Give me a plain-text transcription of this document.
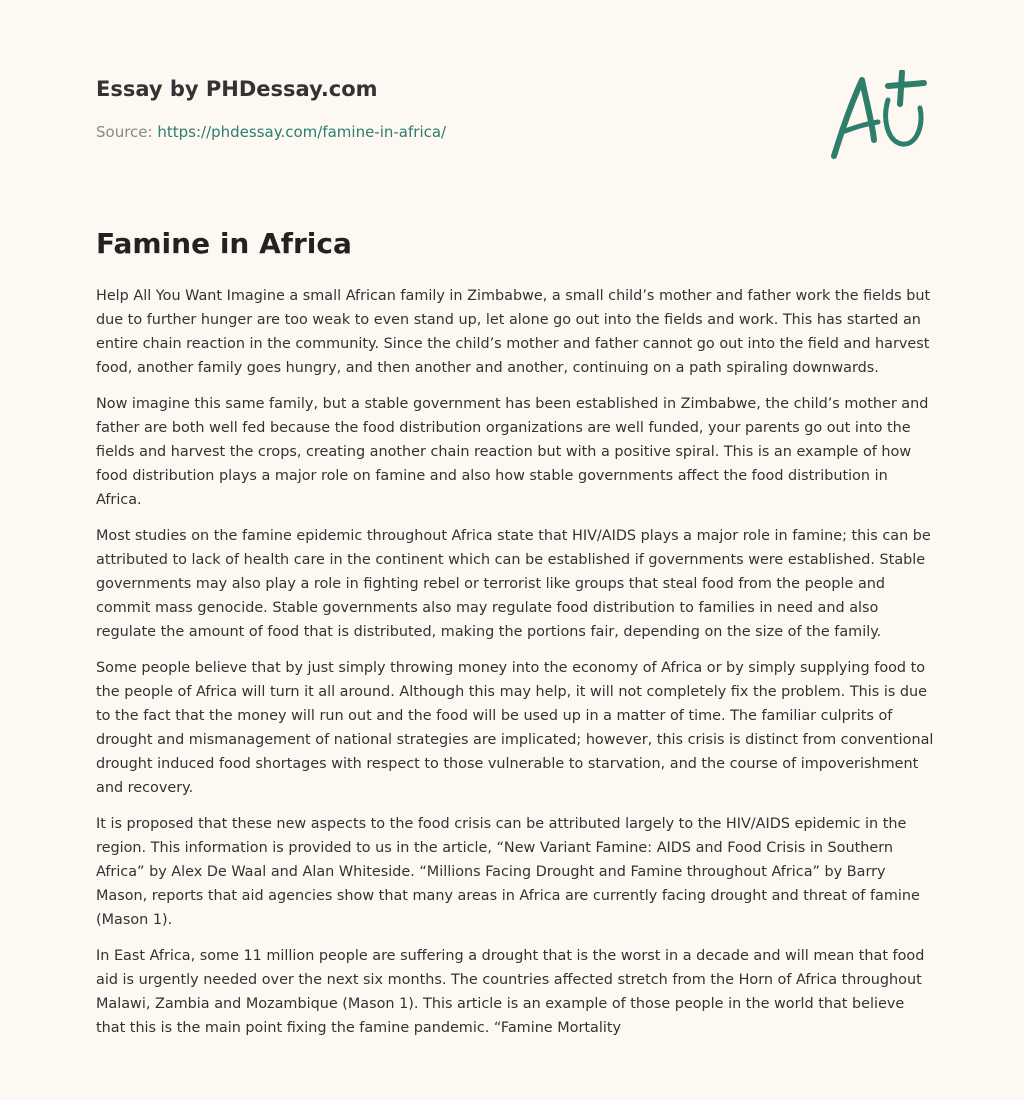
Essay by PHDessay.com
Source: https://phdessay.com/famine-in-africa/
Famine in Africa

Help All You Want Imagine a small African family in Zimbabwe, a small child’s mother and father work the fields but due to further hunger are too weak to even stand up, let alone go out into the fields and work. This has started an entire chain reaction in the community. Since the child’s mother and father cannot go out into the field and harvest food, another family goes hungry, and then another and another, continuing on a path spiraling downwards.

Now imagine this same family, but a stable government has been established in Zimbabwe, the child’s mother and father are both well fed because the food distribution organizations are well funded, your parents go out into the fields and harvest the crops, creating another chain reaction but with a positive spiral. This is an example of how food distribution plays a major role on famine and also how stable governments affect the food distribution in Africa.

Most studies on the famine epidemic throughout Africa state that HIV/AIDS plays a major role in famine; this can be attributed to lack of health care in the continent which can be established if governments were established. Stable governments may also play a role in fighting rebel or terrorist like groups that steal food from the people and commit mass genocide. Stable governments also may regulate food distribution to families in need and also regulate the amount of food that is distributed, making the portions fair, depending on the size of the family.

Some people believe that by just simply throwing money into the economy of Africa or by simply supplying food to the people of Africa will turn it all around. Although this may help, it will not completely fix the problem. This is due to the fact that the money will run out and the food will be used up in a matter of time. The familiar culprits of drought and mismanagement of national strategies are implicated; however, this crisis is distinct from conventional drought induced food shortages with respect to those vulnerable to starvation, and the course of impoverishment and recovery.

It is proposed that these new aspects to the food crisis can be attributed largely to the HIV/AIDS epidemic in the region. This information is provided to us in the article, “New Variant Famine: AIDS and Food Crisis in Southern Africa” by Alex De Waal and Alan Whiteside. “Millions Facing Drought and Famine throughout Africa” by Barry Mason, reports that aid agencies show that many areas in Africa are currently facing drought and threat of famine (Mason 1).

In East Africa, some 11 million people are suffering a drought that is the worst in a decade and will mean that food aid is urgently needed over the next six months. The countries affected stretch from the Horn of Africa throughout Malawi, Zambia and Mozambique (Mason 1). This article is an example of those people in the world that believe that this is the main point fixing the famine pandemic. “Famine Mortality
